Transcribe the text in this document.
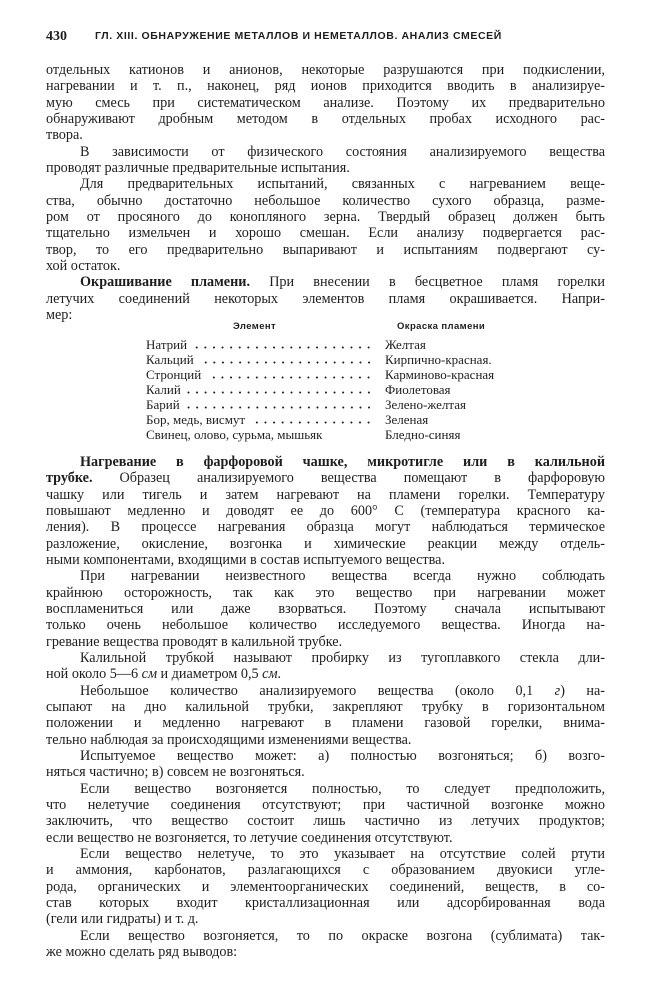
430	ГЛ. XIII. ОБНАРУЖЕНИЕ МЕТАЛЛОВ И НЕМЕТАЛЛОВ. АНАЛИЗ СМЕСЕЙ
отдельных катионов и анионов, некоторые разрушаются при подкислении,
нагревании и т. п., наконец, ряд ионов приходится вводить в анализируе-
мую смесь при систематическом анализе. Поэтому их предварительно
обнаруживают дробным методом в отдельных пробах исходного рас-
твора.
В зависимости от физического состояния анализируемого вещества
проводят различные предварительные испытания.
Для предварительных испытаний, связанных с нагреванием веще-
ства, обычно достаточно небольшое количество сухого образца, разме-
ром от просяного до конопляного зерна. Твердый образец должен быть
тщательно измельчен и хорошо смешан. Если анализу подвергается рас-
твор, то его предварительно выпаривают и испытаниям подвергают су-
хой остаток.
Окрашивание пламени. При внесении в бесцветное пламя горелки
летучих соединений некоторых элементов пламя окрашивается. Напри-
мер:
Элемент	Окраска пламени
Натрий	Желтая
Кальций	Кирпично-красная.
Стронций	Карминово-красная
Калий	Фиолетовая
Барий	Зелено-желтая
Бор, медь, висмут	Зеленая
Свинец, олово, сурьма, мышьяк	Бледно-синяя
Нагревание в фарфоровой чашке, микротигле или в калильной
трубке. Образец анализируемого вещества помещают в фарфоровую
чашку или тигель и затем нагревают на пламени горелки. Температуру
повышают медленно и доводят ее до 600° С (температура красного ка-
ления). В процессе нагревания образца могут наблюдаться термическое
разложение, окисление, возгонка и химические реакции между отдель-
ными компонентами, входящими в состав испытуемого вещества.
При нагревании неизвестного вещества всегда нужно соблюдать
крайнюю осторожность, так как это вещество при нагревании может
воспламениться или даже взорваться. Поэтому сначала испытывают
только очень небольшое количество исследуемого вещества. Иногда на-
гревание вещества проводят в калильной трубке.
Калильной трубкой называют пробирку из тугоплавкого стекла дли-
ной около 5—6 см и диаметром 0,5 см.
Небольшое количество анализируемого вещества (около 0,1 г) на-
сыпают на дно калильной трубки, закрепляют трубку в горизонтальном
положении и медленно нагревают в пламени газовой горелки, внима-
тельно наблюдая за происходящими изменениями вещества.
Испытуемое вещество может: а) полностью возгоняться; б) возго-
няться частично; в) совсем не возгоняться.
Если вещество возгоняется полностью, то следует предположить,
что нелетучие соединения отсутствуют; при частичной возгонке можно
заключить, что вещество состоит лишь частично из летучих продуктов;
если вещество не возгоняется, то летучие соединения отсутствуют.
Если вещество нелетуче, то это указывает на отсутствие солей ртути
и аммония, карбонатов, разлагающихся с образованием двуокиси угле-
рода, органических и элементоорганических соединений, веществ, в со-
став которых входит кристаллизационная или адсорбированная вода
(гели или гидраты) и т. д.
Если вещество возгоняется, то по окраске возгона (сублимата) так-
же можно сделать ряд выводов:
